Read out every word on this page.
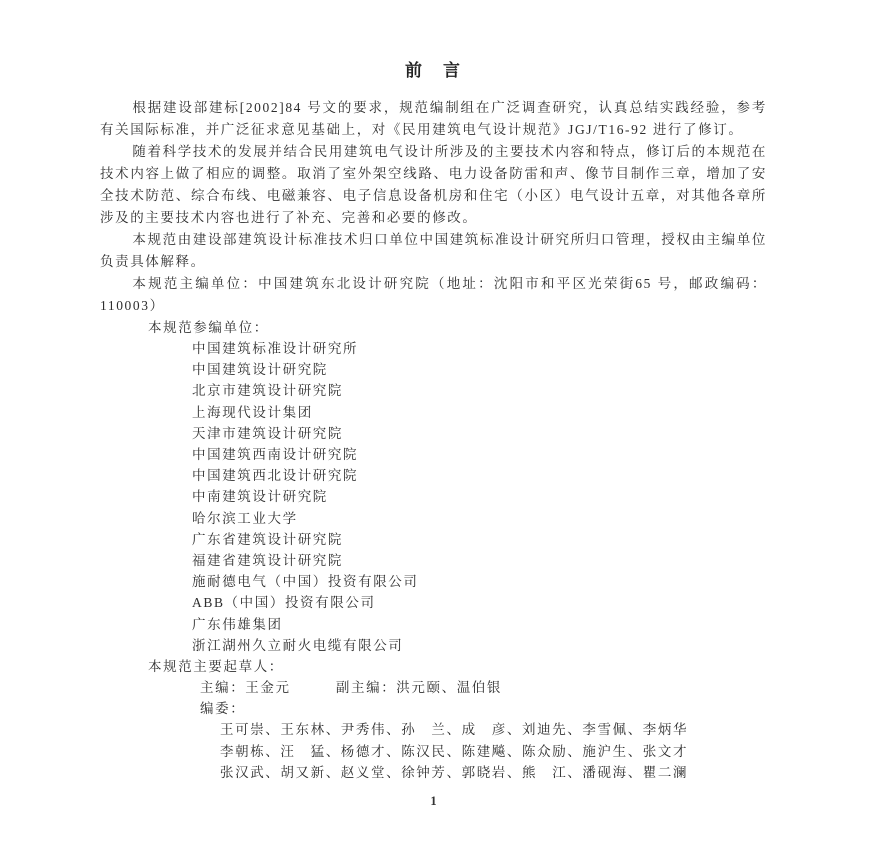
前　言

根据建设部建标[2002]84 号文的要求，规范编制组在广泛调查研究，认真总结实践经验，参考有关国际标准，并广泛征求意见基础上，对《民用建筑电气设计规范》JGJ/T16-92 进行了修订。

随着科学技术的发展并结合民用建筑电气设计所涉及的主要技术内容和特点，修订后的本规范在技术内容上做了相应的调整。取消了室外架空线路、电力设备防雷和声、像节目制作三章，增加了安全技术防范、综合布线、电磁兼容、电子信息设备机房和住宅（小区）电气设计五章，对其他各章所涉及的主要技术内容也进行了补充、完善和必要的修改。

本规范由建设部建筑设计标准技术归口单位中国建筑标准设计研究所归口管理，授权由主编单位负责具体解释。

本规范主编单位：中国建筑东北设计研究院（地址：沈阳市和平区光荣街65 号，邮政编码：110003）

本规范参编单位：

中国建筑标准设计研究所
中国建筑设计研究院
北京市建筑设计研究院
上海现代设计集团
天津市建筑设计研究院
中国建筑西南设计研究院
中国建筑西北设计研究院
中南建筑设计研究院
哈尔滨工业大学
广东省建筑设计研究院
福建省建筑设计研究院
施耐德电气（中国）投资有限公司
ABB（中国）投资有限公司
广东伟雄集团
浙江湖州久立耐火电缆有限公司

本规范主要起草人：

主编：王金元　　　副主编：洪元颐、温伯银

编委：

王可崇、王东林、尹秀伟、孙　兰、成　彦、刘迪先、李雪佩、李炳华

李朝栋、汪　猛、杨德才、陈汉民、陈建飚、陈众励、施沪生、张文才

张汉武、胡又新、赵义堂、徐钟芳、郭晓岩、熊　江、潘砚海、瞿二澜

1
